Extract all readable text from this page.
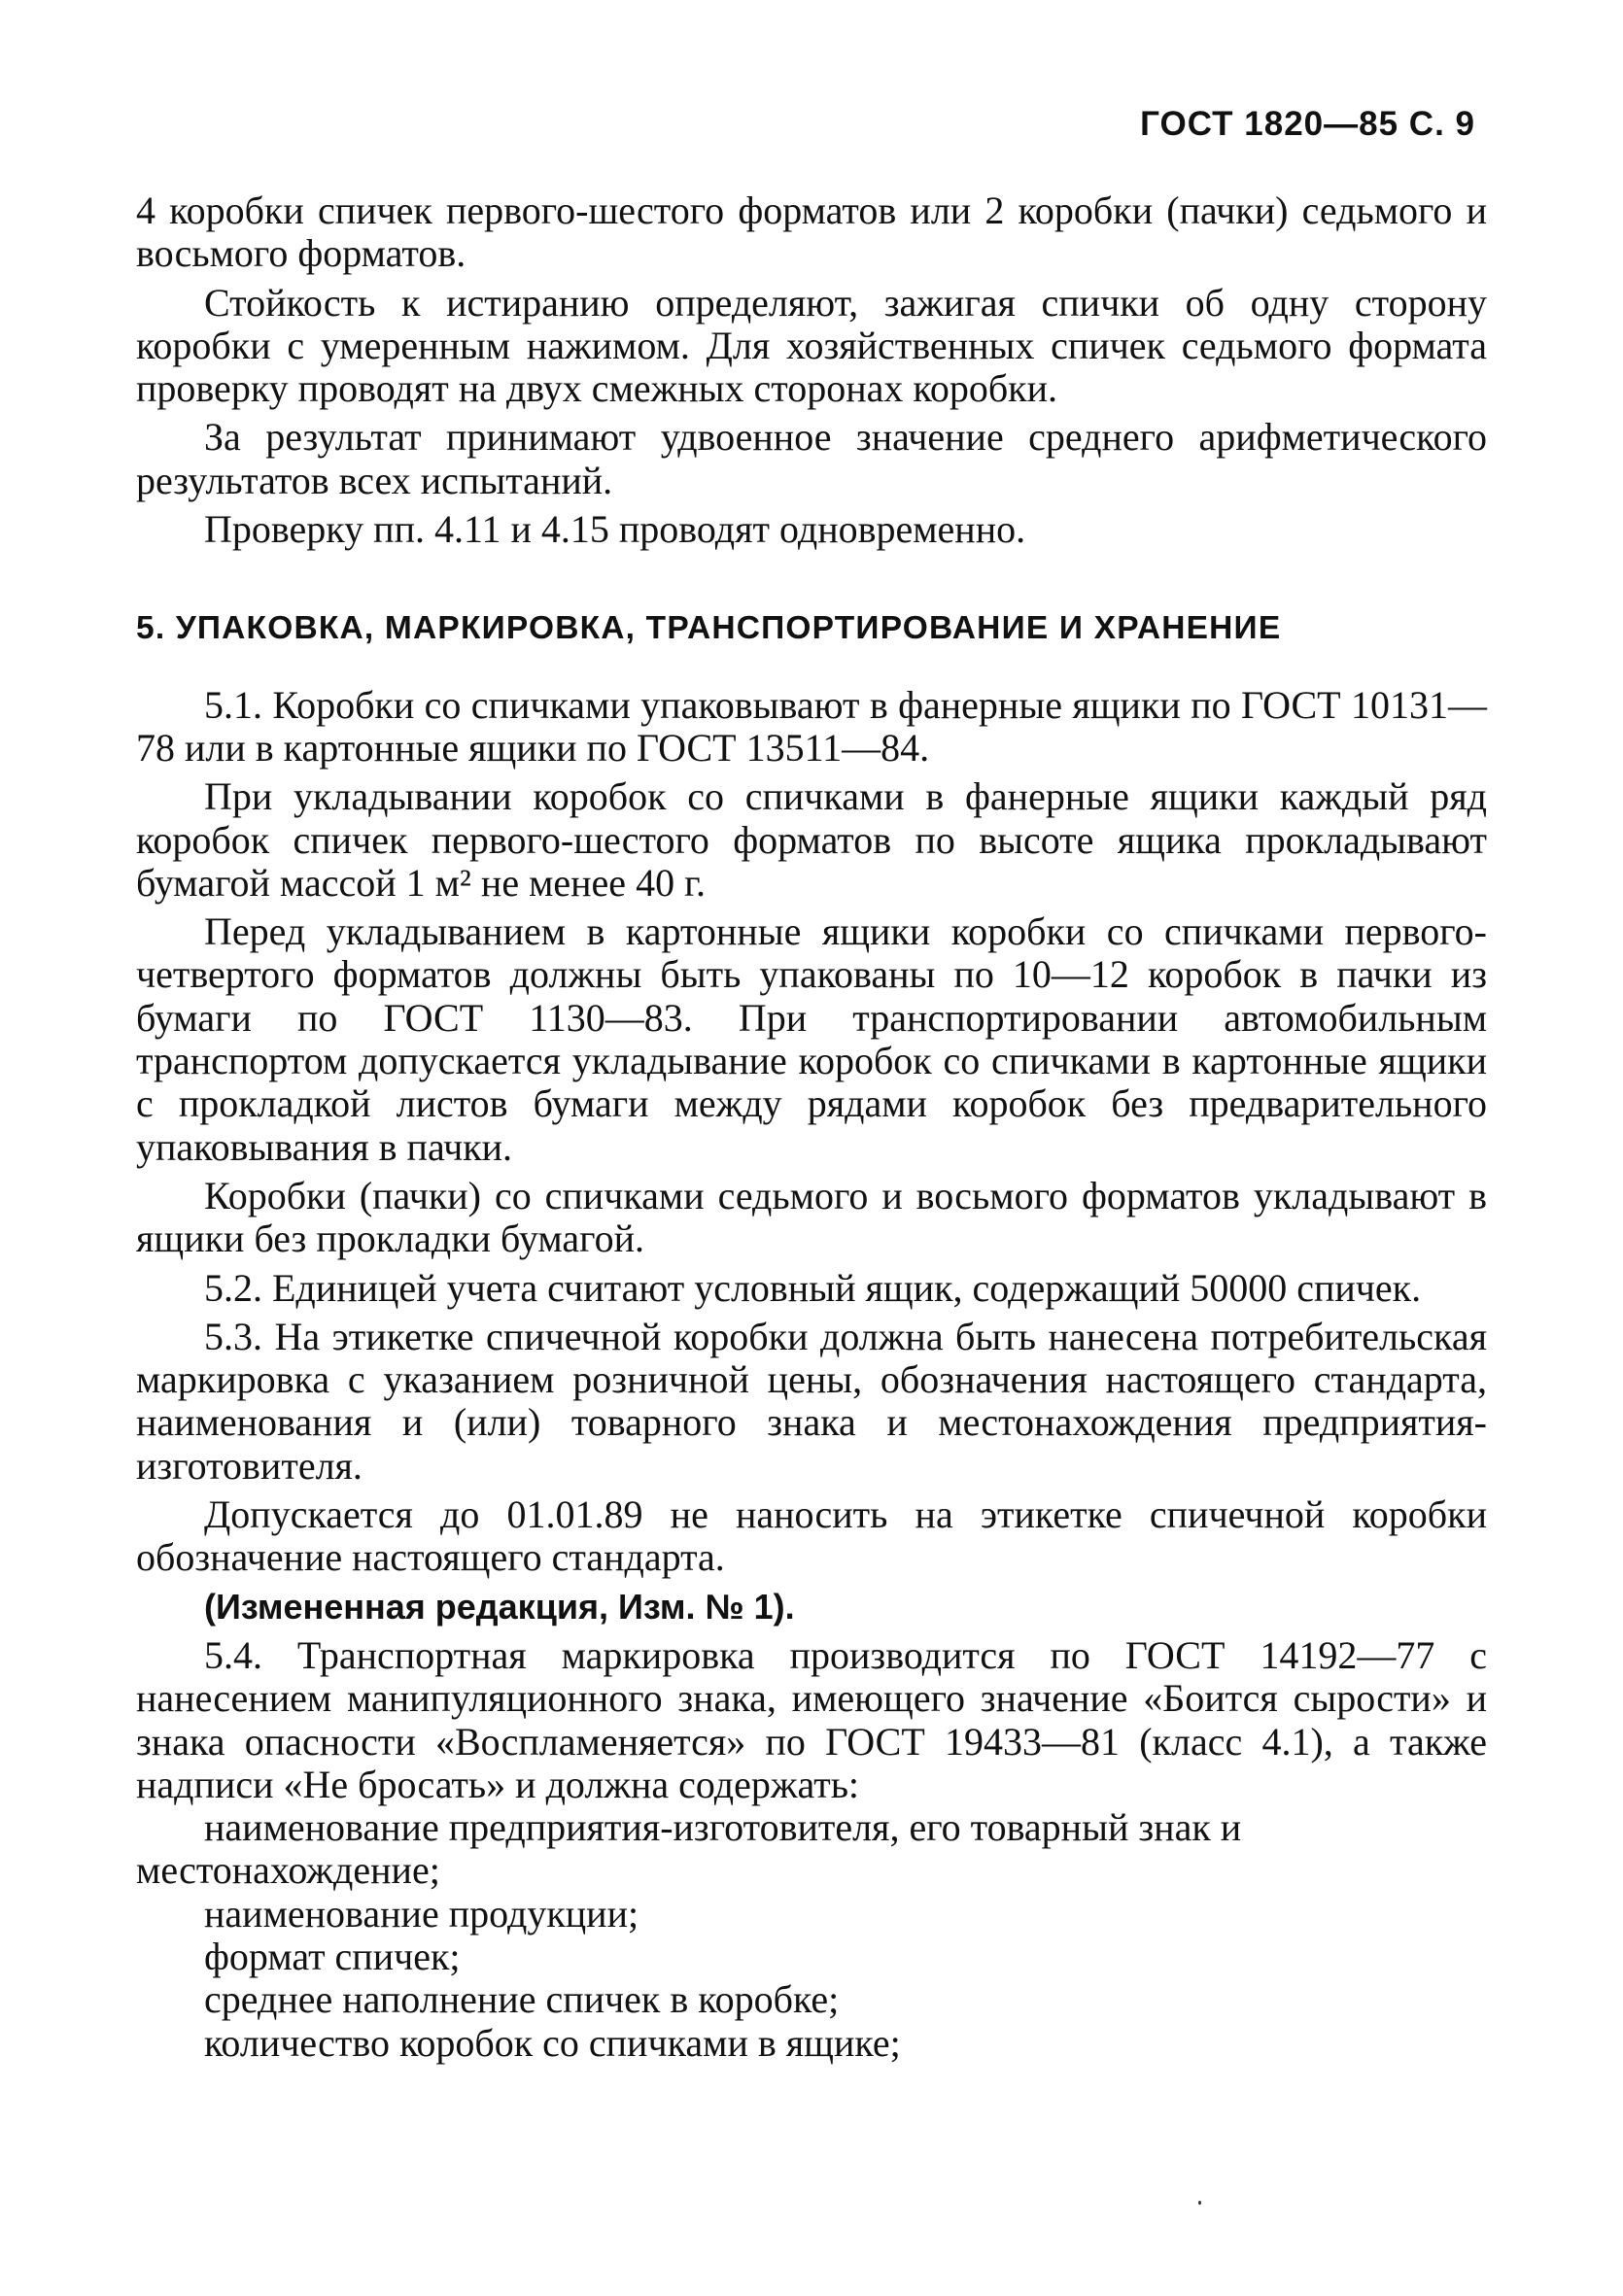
ГОСТ 1820—85 С. 9

4 коробки спичек первого-шестого форматов или 2 коробки (пачки) седьмого и восьмого форматов.

Стойкость к истиранию определяют, зажигая спички об одну сторону коробки с умеренным нажимом. Для хозяйственных спичек седьмого формата проверку проводят на двух смежных сторонах коробки.

За результат принимают удвоенное значение среднего арифметического результатов всех испытаний.

Проверку пп. 4.11 и 4.15 проводят одновременно.

5. УПАКОВКА, МАРКИРОВКА, ТРАНСПОРТИРОВАНИЕ И ХРАНЕНИЕ

5.1. Коробки со спичками упаковывают в фанерные ящики по ГОСТ 10131—78 или в картонные ящики по ГОСТ 13511—84.

При укладывании коробок со спичками в фанерные ящики каждый ряд коробок спичек первого-шестого форматов по высоте ящика прокладывают бумагой массой 1 м² не менее 40 г.

Перед укладыванием в картонные ящики коробки со спичками первого-четвертого форматов должны быть упакованы по 10—12 коробок в пачки из бумаги по ГОСТ 1130—83. При транспортировании автомобильным транспортом допускается укладывание коробок со спичками в картонные ящики с прокладкой листов бумаги между рядами коробок без предварительного упаковывания в пачки.

Коробки (пачки) со спичками седьмого и восьмого форматов укладывают в ящики без прокладки бумагой.

5.2. Единицей учета считают условный ящик, содержащий 50000 спичек.

5.3. На этикетке спичечной коробки должна быть нанесена потребительская маркировка с указанием розничной цены, обозначения настоящего стандарта, наименования и (или) товарного знака и местонахождения предприятия-изготовителя.

Допускается до 01.01.89 не наносить на этикетке спичечной коробки обозначение настоящего стандарта.

(Измененная редакция, Изм. № 1).

5.4. Транспортная маркировка производится по ГОСТ 14192—77 с нанесением манипуляционного знака, имеющего значение «Боится сырости» и знака опасности «Воспламеняется» по ГОСТ 19433—81 (класс 4.1), а также надписи «Не бросать» и должна содержать:

наименование предприятия-изготовителя, его товарный знак и местонахождение;

наименование продукции;

формат спичек;

среднее наполнение спичек в коробке;

количество коробок со спичками в ящике;
